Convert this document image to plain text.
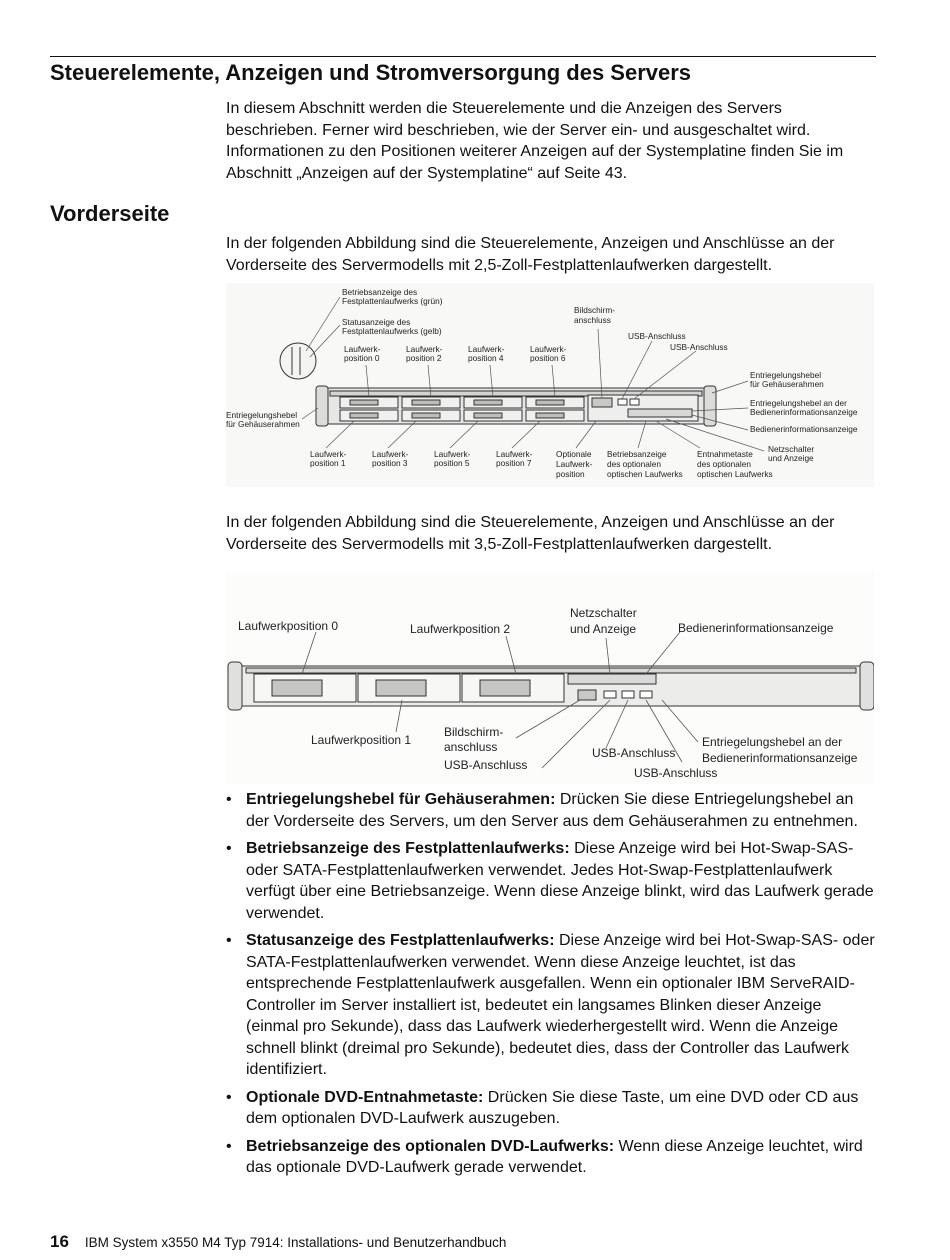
Steuerelemente, Anzeigen und Stromversorgung des Servers

In diesem Abschnitt werden die Steuerelemente und die Anzeigen des Servers beschrieben. Ferner wird beschrieben, wie der Server ein- und ausgeschaltet wird. Informationen zu den Positionen weiterer Anzeigen auf der Systemplatine finden Sie im Abschnitt „Anzeigen auf der Systemplatine“ auf Seite 43.

Vorderseite

In der folgenden Abbildung sind die Steuerelemente, Anzeigen und Anschlüsse an der Vorderseite des Servermodells mit 2,5-Zoll-Festplattenlaufwerken dargestellt.

Betriebsanzeige des
Festplattenlaufwerks (grün)
Statusanzeige des
Festplattenlaufwerks (gelb)
Laufwerk-
position 0
Laufwerk-
position 2
Laufwerk-
position 4
Laufwerk-
position 6
Bildschirm-
anschluss
USB-Anschluss
USB-Anschluss
Entriegelungshebel
für Gehäuserahmen
Entriegelungshebel an der
Bedienerinformationsanzeige
Bedienerinformationsanzeige
Netzschalter
und Anzeige
Entriegelungshebel
für Gehäuserahmen
Laufwerk-
position 1
Laufwerk-
position 3
Laufwerk-
position 5
Laufwerk-
position 7
Optionale
Laufwerk-
position
Betriebsanzeige
des optionalen
optischen Laufwerks
Entnahmetaste
des optionalen
optischen Laufwerks

In der folgenden Abbildung sind die Steuerelemente, Anzeigen und Anschlüsse an der Vorderseite des Servermodells mit 3,5-Zoll-Festplattenlaufwerken dargestellt.

Laufwerkposition 0	Laufwerkposition 2
Netzschalter
und Anzeige	Bedienerinformationsanzeige
Laufwerkposition 1
Bildschirm-
anschluss
USB-Anschluss
USB-Anschluss
USB-Anschluss
Entriegelungshebel an der
Bedienerinformationsanzeige
• Entriegelungshebel für Gehäuserahmen: Drücken Sie diese Entriegelungshebel an der Vorderseite des Servers, um den Server aus dem Gehäuserahmen zu entnehmen.
• Betriebsanzeige des Festplattenlaufwerks: Diese Anzeige wird bei Hot-Swap-SAS- oder SATA-Festplattenlaufwerken verwendet. Jedes Hot-Swap-Festplattenlaufwerk verfügt über eine Betriebsanzeige. Wenn diese Anzeige blinkt, wird das Laufwerk gerade verwendet.
• Statusanzeige des Festplattenlaufwerks: Diese Anzeige wird bei Hot-Swap-SAS- oder SATA-Festplattenlaufwerken verwendet. Wenn diese Anzeige leuchtet, ist das entsprechende Festplattenlaufwerk ausgefallen. Wenn ein optionaler IBM ServeRAID-Controller im Server installiert ist, bedeutet ein langsames Blinken dieser Anzeige (einmal pro Sekunde), dass das Laufwerk wiederhergestellt wird. Wenn die Anzeige schnell blinkt (dreimal pro Sekunde), bedeutet dies, dass der Controller das Laufwerk identifiziert.
• Optionale DVD-Entnahmetaste: Drücken Sie diese Taste, um eine DVD oder CD aus dem optionalen DVD-Laufwerk auszugeben.
• Betriebsanzeige des optionalen DVD-Laufwerks: Wenn diese Anzeige leuchtet, wird das optionale DVD-Laufwerk gerade verwendet.
16 IBM System x3550 M4 Typ 7914: Installations- und Benutzerhandbuch
